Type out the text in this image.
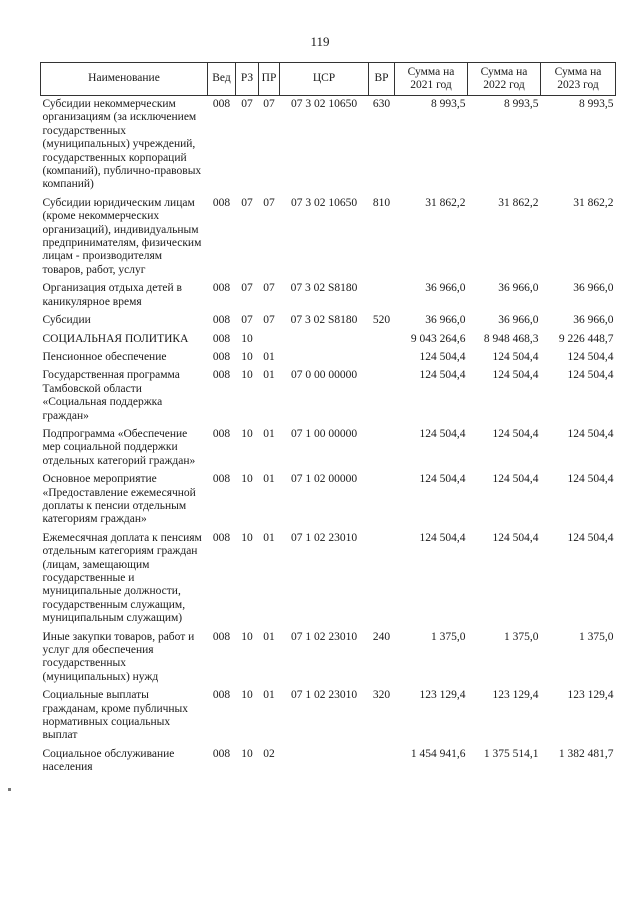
119
Наименование	Вед	РЗ	ПР	ЦСР	ВР	Сумма на 2021 год	Сумма на 2022 год	Сумма на 2023 год
Субсидии некоммерческим организациям (за исключением государственных (муниципальных) учреждений, государственных корпораций (компаний), публично-правовых компаний)	008	07	07	07 3 02 10650	630	8 993,5	8 993,5	8 993,5
Субсидии юридическим лицам (кроме некоммерческих организаций), индивидуальным предпринимателям, физическим лицам - производителям товаров, работ, услуг	008	07	07	07 3 02 10650	810	31 862,2	31 862,2	31 862,2
Организация отдыха детей в каникулярное время	008	07	07	07 3 02 S8180		36 966,0	36 966,0	36 966,0
Субсидии	008	07	07	07 3 02 S8180	520	36 966,0	36 966,0	36 966,0
СОЦИАЛЬНАЯ ПОЛИТИКА	008	10				9 043 264,6	8 948 468,3	9 226 448,7
Пенсионное обеспечение	008	10	01			124 504,4	124 504,4	124 504,4
Государственная программа Тамбовской области «Социальная поддержка граждан»	008	10	01	07 0 00 00000		124 504,4	124 504,4	124 504,4
Подпрограмма «Обеспечение мер социальной поддержки отдельных категорий граждан»	008	10	01	07 1 00 00000		124 504,4	124 504,4	124 504,4
Основное мероприятие «Предоставление ежемесячной доплаты к пенсии отдельным категориям граждан»	008	10	01	07 1 02 00000		124 504,4	124 504,4	124 504,4
Ежемесячная доплата к пенсиям отдельным категориям граждан (лицам, замещающим государственные и муниципальные должности, государственным служащим, муниципальным служащим)	008	10	01	07 1 02 23010		124 504,4	124 504,4	124 504,4
Иные закупки товаров, работ и услуг для обеспечения государственных (муниципальных) нужд	008	10	01	07 1 02 23010	240	1 375,0	1 375,0	1 375,0
Социальные выплаты гражданам, кроме публичных нормативных социальных выплат	008	10	01	07 1 02 23010	320	123 129,4	123 129,4	123 129,4
Социальное обслуживание населения	008	10	02			1 454 941,6	1 375 514,1	1 382 481,7
